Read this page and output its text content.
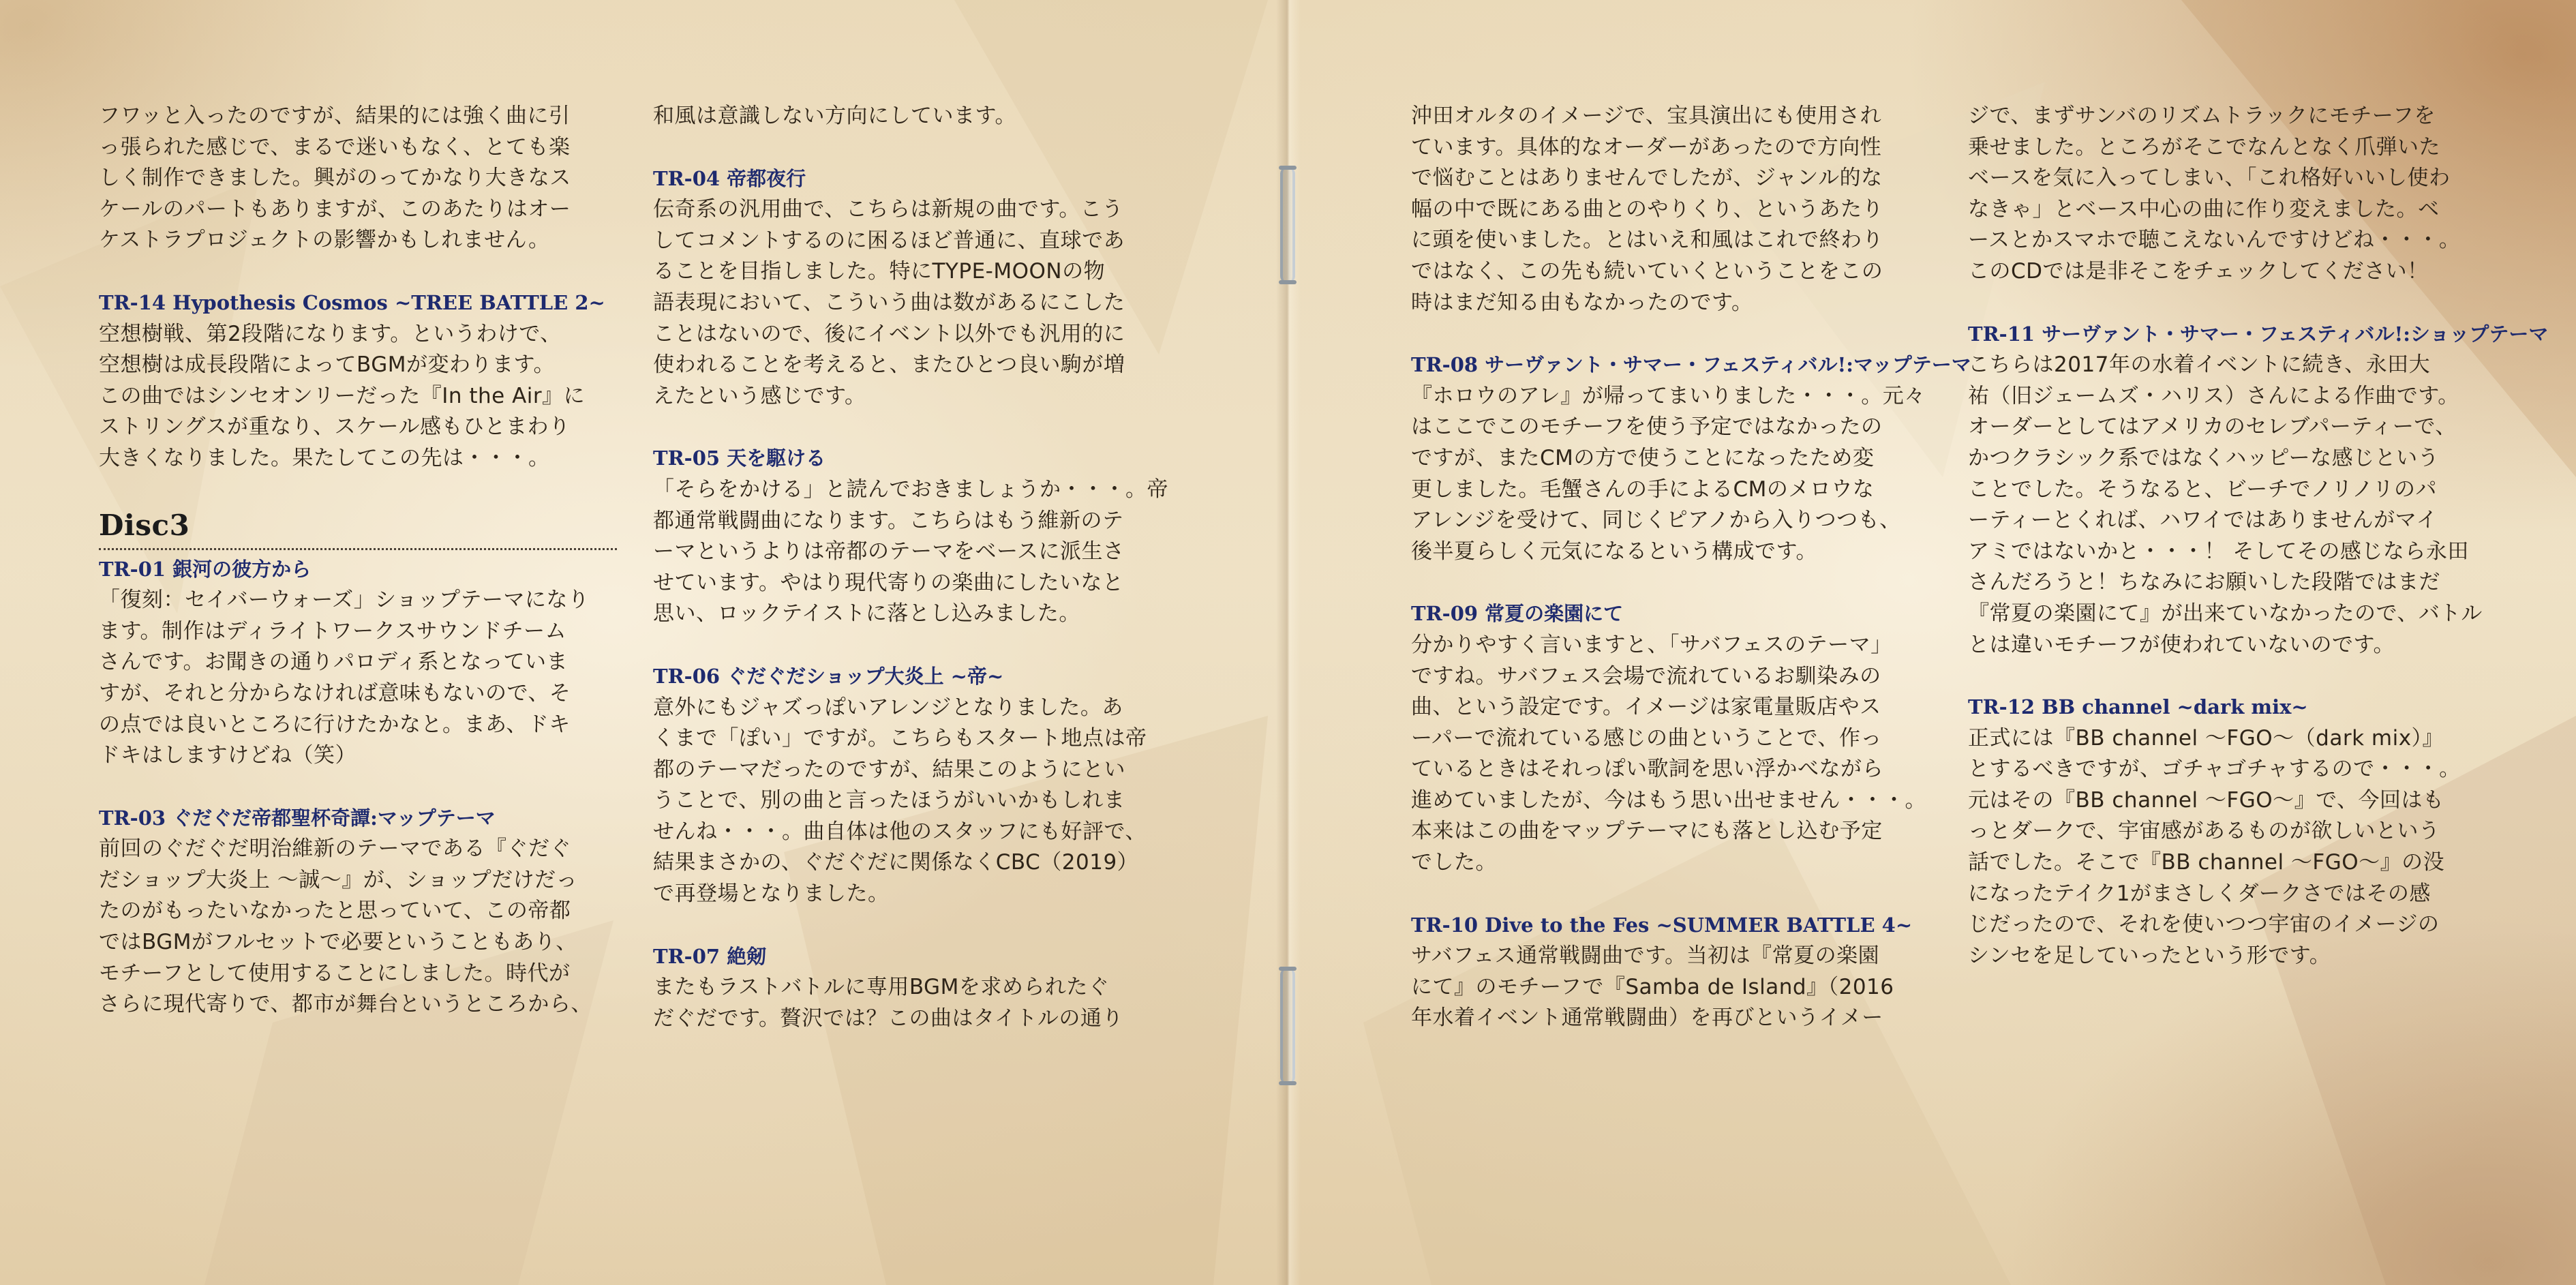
フワッと入ったのですが、結果的には強く曲に引

っ張られた感じで、まるで迷いもなく、とても楽

しく制作できました。興がのってかなり大きなス

ケールのパートもありますが、このあたりはオー

ケストラプロジェクトの影響かもしれません。

TR-14 Hypothesis Cosmos ~TREE BATTLE 2~

空想樹戦、第2段階になります。というわけで、

空想樹は成長段階によってBGMが変わります。

この曲ではシンセオンリーだった『In the Air』に

ストリングスが重なり、スケール感もひとまわり

大きくなりました。果たしてこの先は・・・。

Disc3
TR-01 銀河の彼方から

「復刻：セイバーウォーズ」ショップテーマになり

ます。制作はディライトワークスサウンドチーム

さんです。お聞きの通りパロディ系となっていま

すが、それと分からなければ意味もないので、そ

の点では良いところに行けたかなと。まあ、ドキ

ドキはしますけどね（笑）

TR-03 ぐだぐだ帝都聖杯奇譚:マップテーマ

前回のぐだぐだ明治維新のテーマである『ぐだぐ

だショップ大炎上 ～誠～』が、ショップだけだっ

たのがもったいなかったと思っていて、この帝都

ではBGMがフルセットで必要ということもあり、

モチーフとして使用することにしました。時代が

さらに現代寄りで、都市が舞台というところから、

和風は意識しない方向にしています。

TR-04 帝都夜行

伝奇系の汎用曲で、こちらは新規の曲です。こう

してコメントするのに困るほど普通に、直球であ

ることを目指しました。特にTYPE-MOONの物

語表現において、こういう曲は数があるにこした

ことはないので、後にイベント以外でも汎用的に

使われることを考えると、またひとつ良い駒が増

えたという感じです。

TR-05 天を駆ける

「そらをかける」と読んでおきましょうか・・・。帝

都通常戦闘曲になります。こちらはもう維新のテ

ーマというよりは帝都のテーマをベースに派生さ

せています。やはり現代寄りの楽曲にしたいなと

思い、ロックテイストに落とし込みました。

TR-06 ぐだぐだショップ大炎上 ~帝~

意外にもジャズっぽいアレンジとなりました。あ

くまで「ぽい」ですが。こちらもスタート地点は帝

都のテーマだったのですが、結果このようにとい

うことで、別の曲と言ったほうがいいかもしれま

せんね・・・。曲自体は他のスタッフにも好評で、

結果まさかの、ぐだぐだに関係なくCBC（2019）

で再登場となりました。

TR-07 絶剱

またもラストバトルに専用BGMを求められたぐ

だぐだです。贅沢では？この曲はタイトルの通り

沖田オルタのイメージで、宝具演出にも使用され

ています。具体的なオーダーがあったので方向性

で悩むことはありませんでしたが、ジャンル的な

幅の中で既にある曲とのやりくり、というあたり

に頭を使いました。とはいえ和風はこれで終わり

ではなく、この先も続いていくということをこの

時はまだ知る由もなかったのです。

TR-08 サーヴァント・サマー・フェスティバル!:マップテーマ

『ホロウのアレ』が帰ってまいりました・・・。元々

はここでこのモチーフを使う予定ではなかったの

ですが、またCMの方で使うことになったため変

更しました。毛蟹さんの手によるCMのメロウな

アレンジを受けて、同じくピアノから入りつつも、

後半夏らしく元気になるという構成です。

TR-09 常夏の楽園にて

分かりやすく言いますと、「サバフェスのテーマ」

ですね。サバフェス会場で流れているお馴染みの

曲、という設定です。イメージは家電量販店やス

ーパーで流れている感じの曲ということで、作っ

ているときはそれっぽい歌詞を思い浮かべながら

進めていましたが、今はもう思い出せません・・・。

本来はこの曲をマップテーマにも落とし込む予定

でした。

TR-10 Dive to the Fes ~SUMMER BATTLE 4~

サバフェス通常戦闘曲です。当初は『常夏の楽園

にて』のモチーフで『Samba de Island』（2016

年水着イベント通常戦闘曲）を再びというイメー

ジで、まずサンバのリズムトラックにモチーフを

乗せました。ところがそこでなんとなく爪弾いた

ベースを気に入ってしまい、「これ格好いいし使わ

なきゃ」とベース中心の曲に作り変えました。ベ

ースとかスマホで聴こえないんですけどね・・・。

このCDでは是非そこをチェックしてください！

TR-11 サーヴァント・サマー・フェスティバル!:ショップテーマ

こちらは2017年の水着イベントに続き、永田大

祐（旧ジェームズ・ハリス）さんによる作曲です。

オーダーとしてはアメリカのセレブパーティーで、

かつクラシック系ではなくハッピーな感じという

ことでした。そうなると、ビーチでノリノリのパ

ーティーとくれば、ハワイではありませんがマイ

アミではないかと・・・！ そしてその感じなら永田

さんだろうと！ちなみにお願いした段階ではまだ

『常夏の楽園にて』が出来ていなかったので、バトル

とは違いモチーフが使われていないのです。

TR-12 BB channel ~dark mix~

正式には『BB channel ～FGO～（dark mix）』

とするべきですが、ゴチャゴチャするので・・・。

元はその『BB channel ～FGO～』で、今回はも

っとダークで、宇宙感があるものが欲しいという

話でした。そこで『BB channel ～FGO～』の没

になったテイク1がまさしくダークさではその感

じだったので、それを使いつつ宇宙のイメージの

シンセを足していったという形です。
